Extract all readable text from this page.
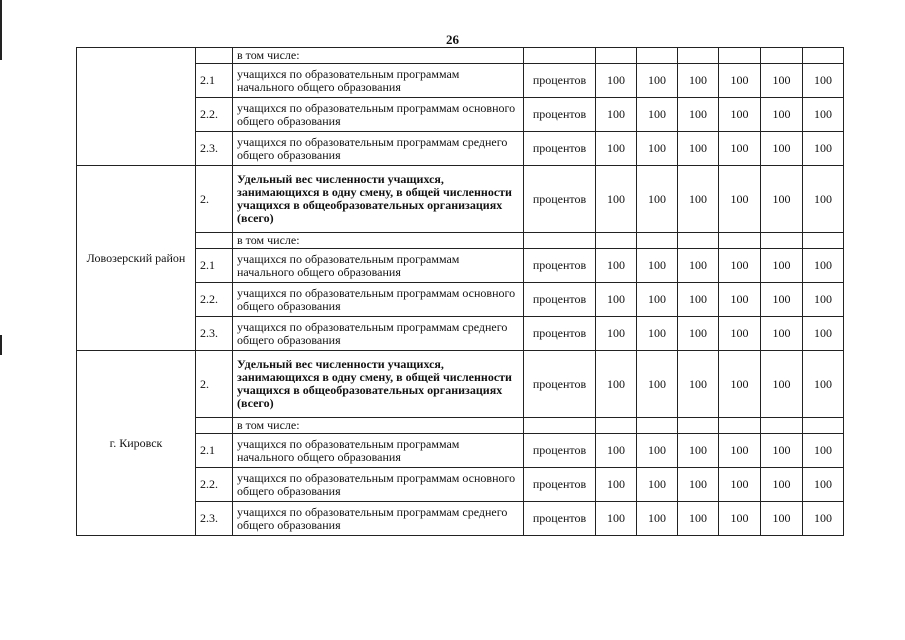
26
		в том числе:							
	2.1	учащихся по образовательным программам начального общего образования	процентов	100	100	100	100	100	100
	2.2.	учащихся по образовательным программам основного общего образования	процентов	100	100	100	100	100	100
	2.3.	учащихся по образовательным программам среднего общего образования	процентов	100	100	100	100	100	100
Ловозерский район	2.	Удельный вес численности учащихся, занимающихся в одну смену, в общей численности учащихся в общеобразовательных организациях (всего)	процентов	100	100	100	100	100	100
		в том числе:							
	2.1	учащихся по образовательным программам начального общего образования	процентов	100	100	100	100	100	100
	2.2.	учащихся по образовательным программам основного общего образования	процентов	100	100	100	100	100	100
	2.3.	учащихся по образовательным программам среднего общего образования	процентов	100	100	100	100	100	100
г. Кировск	2.	Удельный вес численности учащихся, занимающихся в одну смену, в общей численности учащихся в общеобразовательных организациях (всего)	процентов	100	100	100	100	100	100
		в том числе:							
	2.1	учащихся по образовательным программам начального общего образования	процентов	100	100	100	100	100	100
	2.2.	учащихся по образовательным программам основного общего образования	процентов	100	100	100	100	100	100
	2.3.	учащихся по образовательным программам среднего общего образования	процентов	100	100	100	100	100	100
